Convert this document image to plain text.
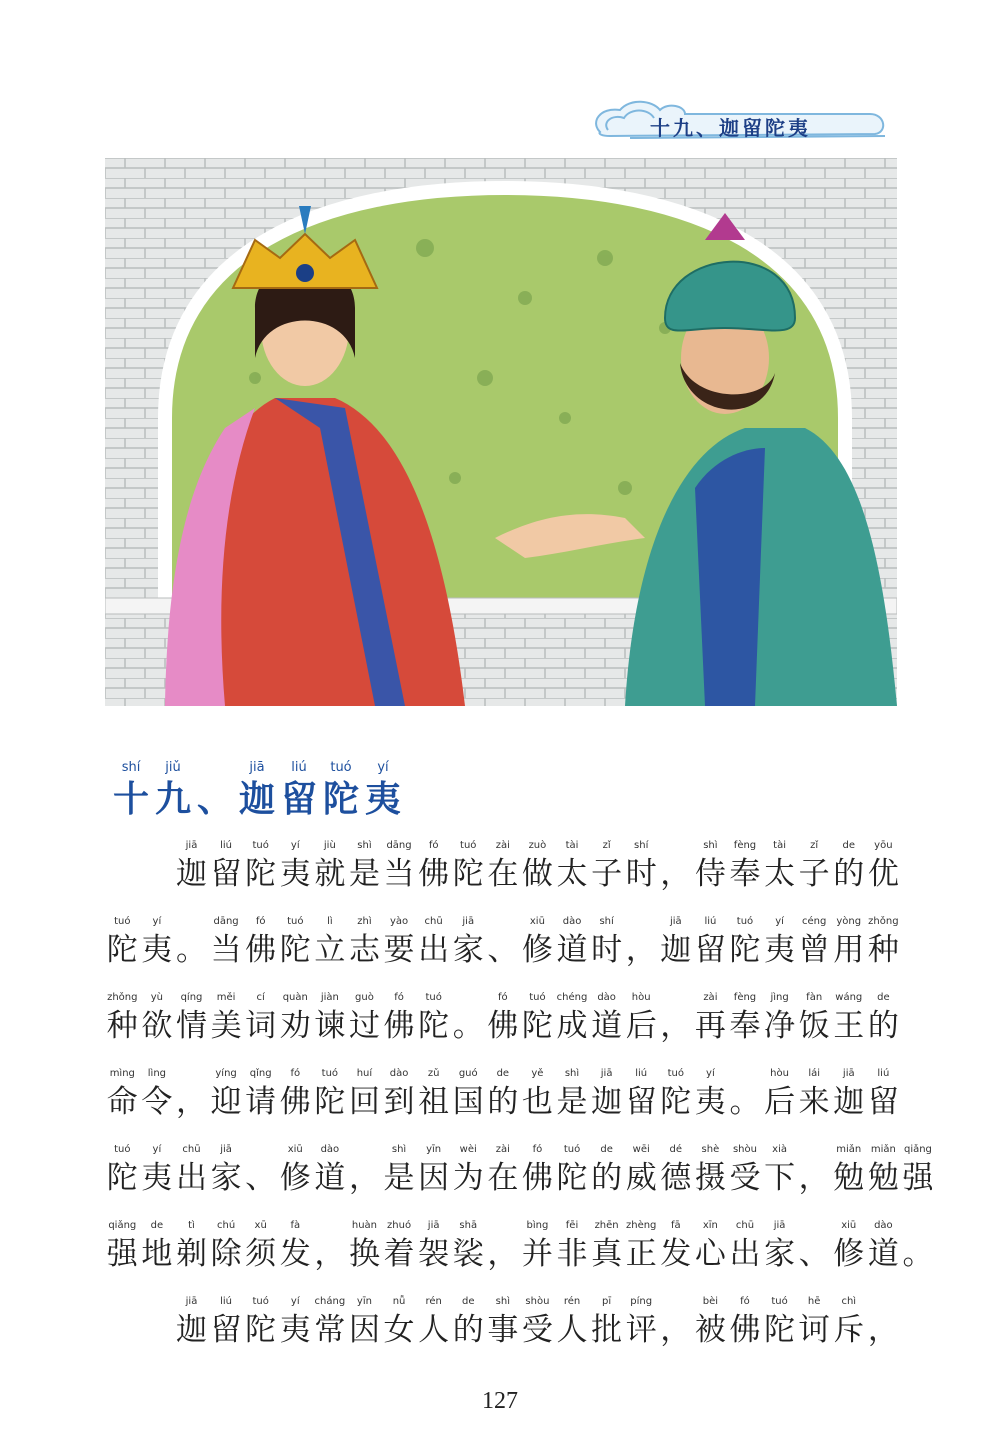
十九、迦留陀夷
shí
十
jiǔ
九 、
jiā
迦
liú
留
tuó
陀
yí
夷
jiā
迦
liú
留
tuó
陀
yí
夷
jiù
就
shì
是
dāng
当
fó
佛
tuó
陀
zài
在
zuò
做
tài
太
zǐ
子
shí
时 ，
shì
侍
fèng
奉
tài
太
zǐ
子
de
的
yōu
优
tuó
陀
yí
夷 。
dāng
当
fó
佛
tuó
陀
lì
立
zhì
志
yào
要
chū
出
jiā
家 、
xiū
修
dào
道
shí
时 ，
jiā
迦
liú
留
tuó
陀
yí
夷
céng
曾
yòng
用
zhǒng
种
zhǒng
种
yù
欲
qíng
情
měi
美
cí
词
quàn
劝
jiàn
谏
guò
过
fó
佛
tuó
陀 。
fó
佛
tuó
陀
chéng
成
dào
道
hòu
后 ，
zài
再
fèng
奉
jìng
净
fàn
饭
wáng
王
de
的
mìng
命
lìng
令 ，
yíng
迎
qǐng
请
fó
佛
tuó
陀
huí
回
dào
到
zǔ
祖
guó
国
de
的
yě
也
shì
是
jiā
迦
liú
留
tuó
陀
yí
夷 。
hòu
后
lái
来
jiā
迦
liú
留
tuó
陀
yí
夷
chū
出
jiā
家 、
xiū
修
dào
道 ，
shì
是
yīn
因
wèi
为
zài
在
fó
佛
tuó
陀
de
的
wēi
威
dé
德
shè
摄
shòu
受
xià
下 ，
miǎn
勉
miǎn
勉
qiǎng
强
qiǎng
强
de
地
tì
剃
chú
除
xū
须
fà
发 ，
huàn
换
zhuó
着
jiā
袈
shā
裟 ，
bìng
并
fēi
非
zhēn
真
zhèng
正
fā
发
xīn
心
chū
出
jiā
家 、
xiū
修
dào
道 。
jiā
迦
liú
留
tuó
陀
yí
夷
cháng
常
yīn
因
nǚ
女
rén
人
de
的
shì
事
shòu
受
rén
人
pī
批
píng
评 ，
bèi
被
fó
佛
tuó
陀
hē
诃
chì
斥 ，
127
